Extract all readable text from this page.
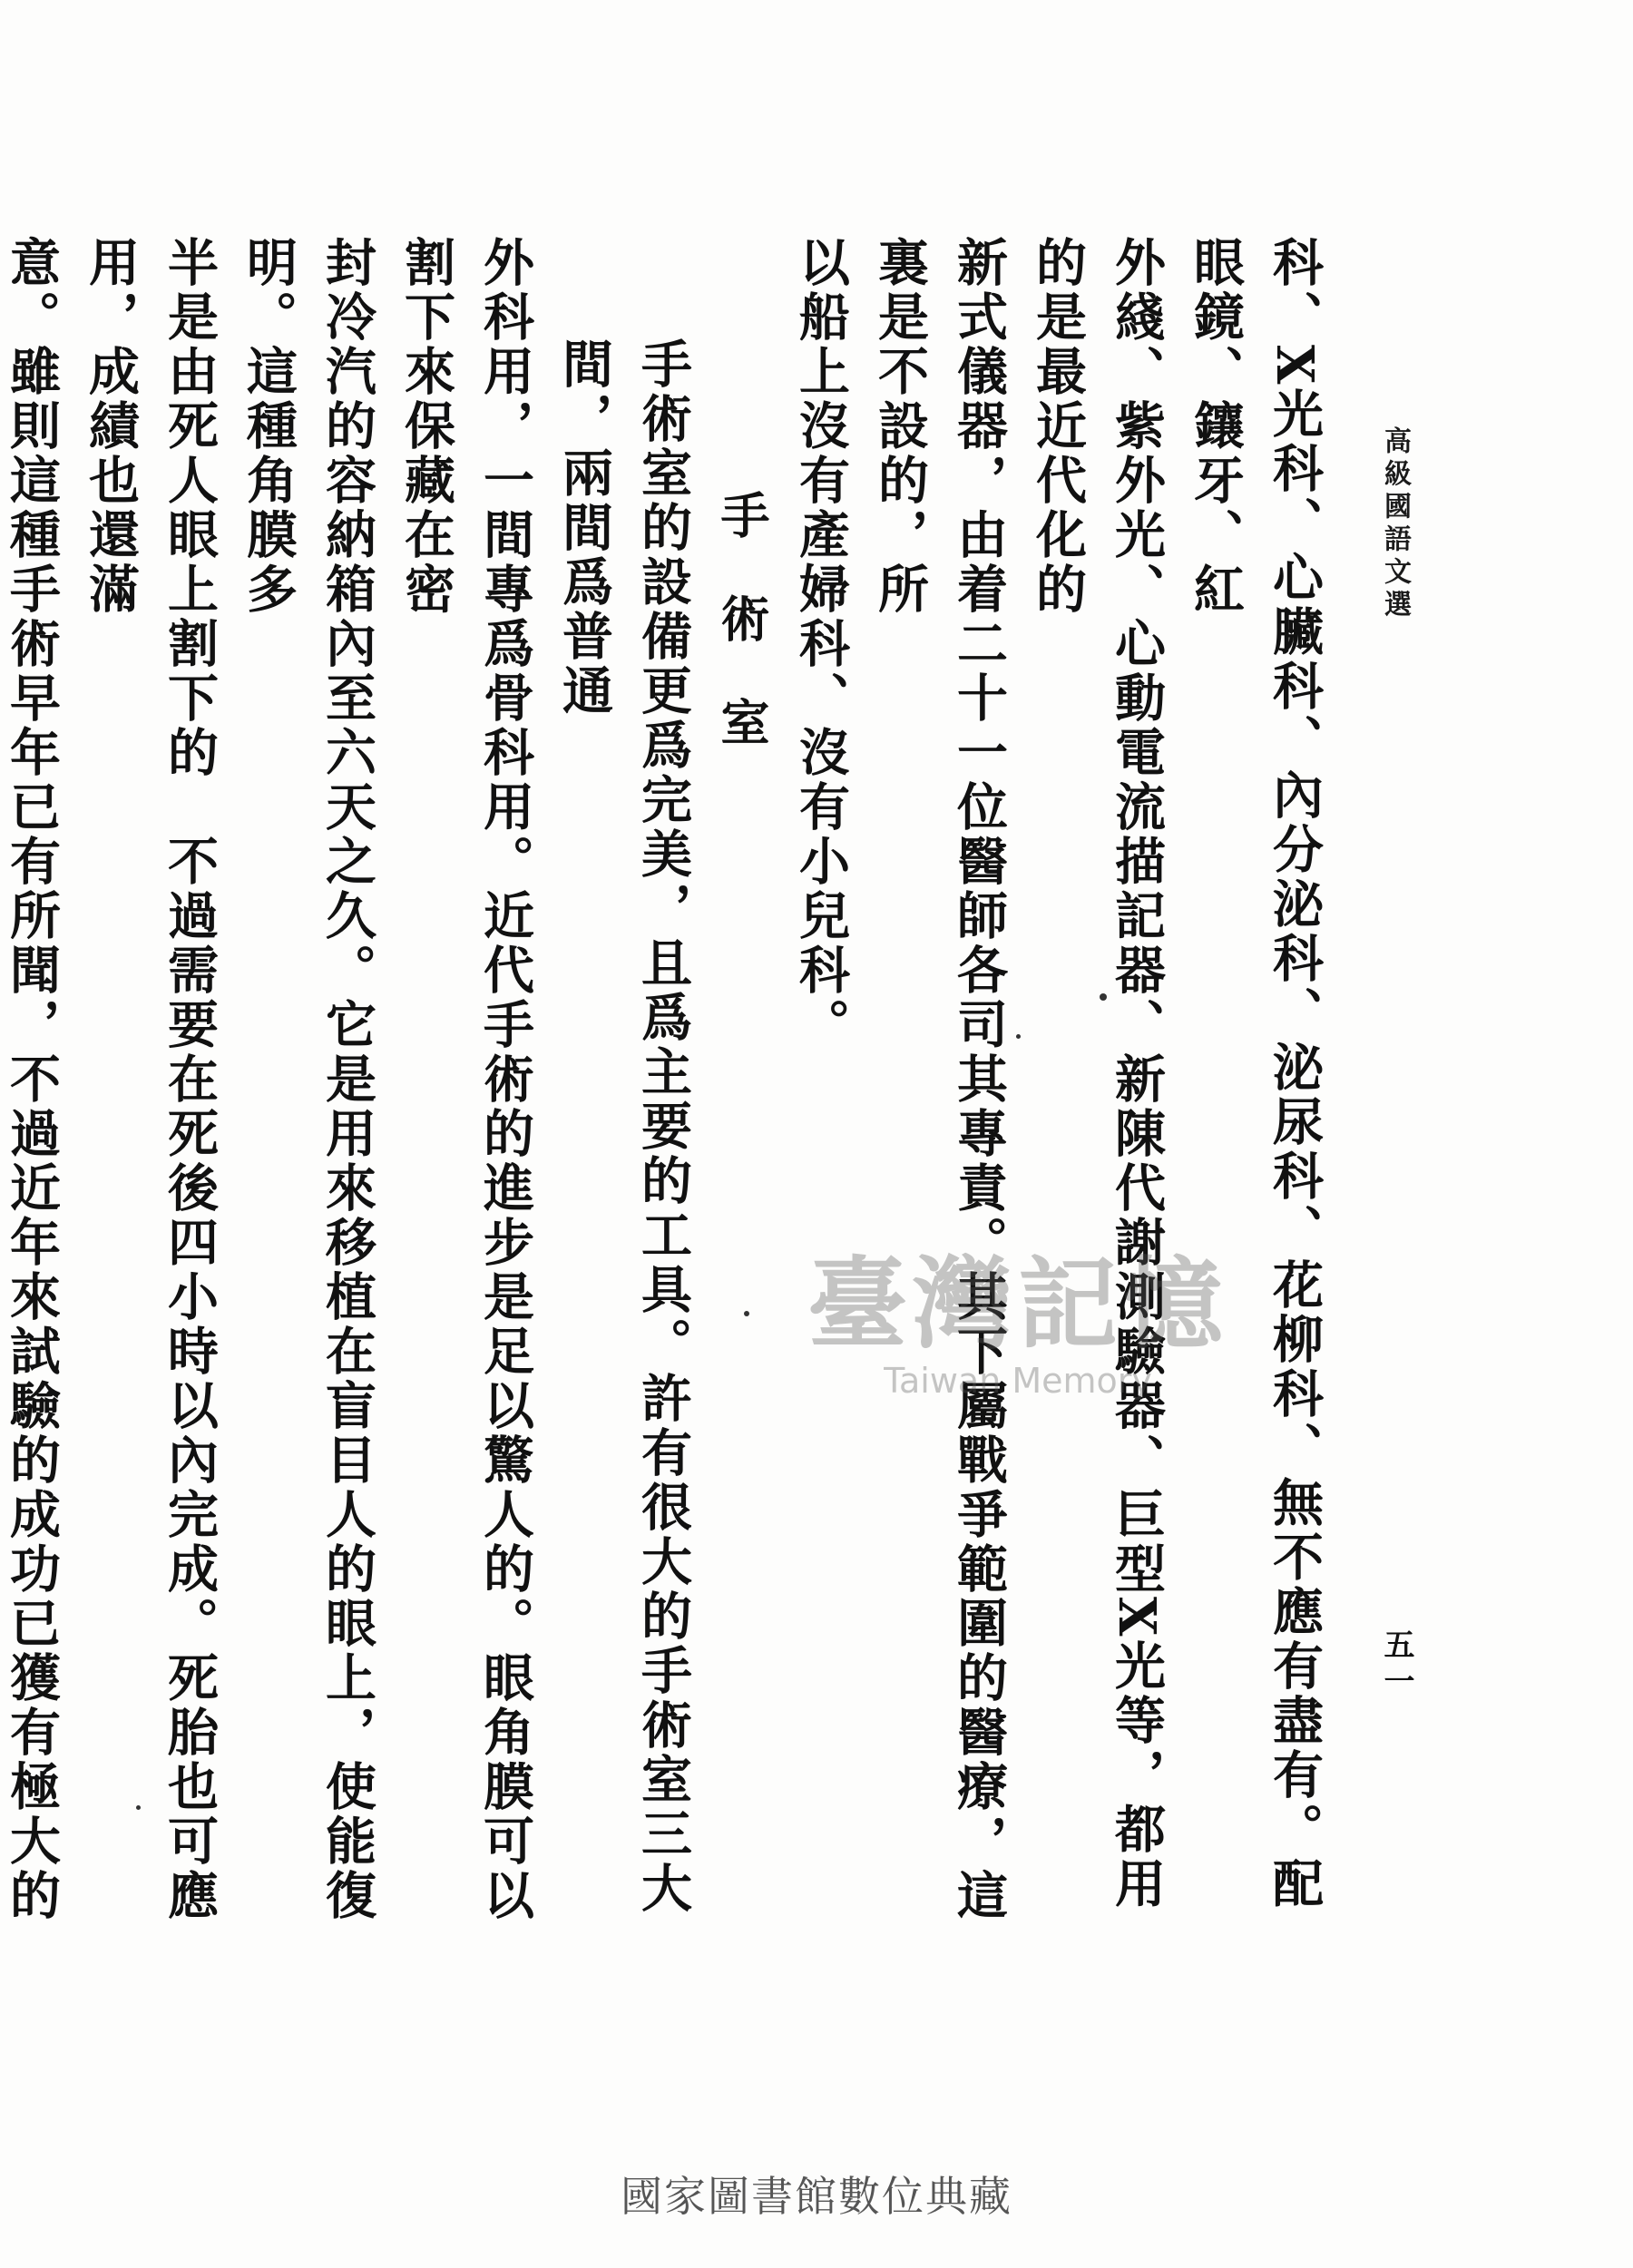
高級國語文選
五一
科、X光科、心臟科、內分泌科、泌尿科、花柳科、無不應有盡有。配眼鏡、鑲牙、紅
外綫、紫外光、心動電流描記器、新陳代謝測驗器、巨型X光等，都用的是最近代化的
新式儀器，由着二十一位醫師各司其專責。其下屬戰爭範圍的醫療，這裏是不設的，所
以船上沒有產婦科、沒有小兒科。
手術室
手術室的設備更爲完美，且爲主要的工具。許有很大的手術室三大間，兩間爲普通
外科用，一間專爲骨科用。近代手術的進步是足以驚人的。眼角膜可以割下來保藏在密
封冷汽的容納箱內至六天之久。它是用來移植在盲目人的眼上，使能復明。這種角膜多
半是由死人眼上割下的　不過需要在死後四小時以內完成。死胎也可應用，成績也還滿
意。雖則這種手術早年已有所聞，不過近年來試驗的成功已獲有極大的
臺灣記憶
Taiwan Memory
國家圖書館數位典藏
